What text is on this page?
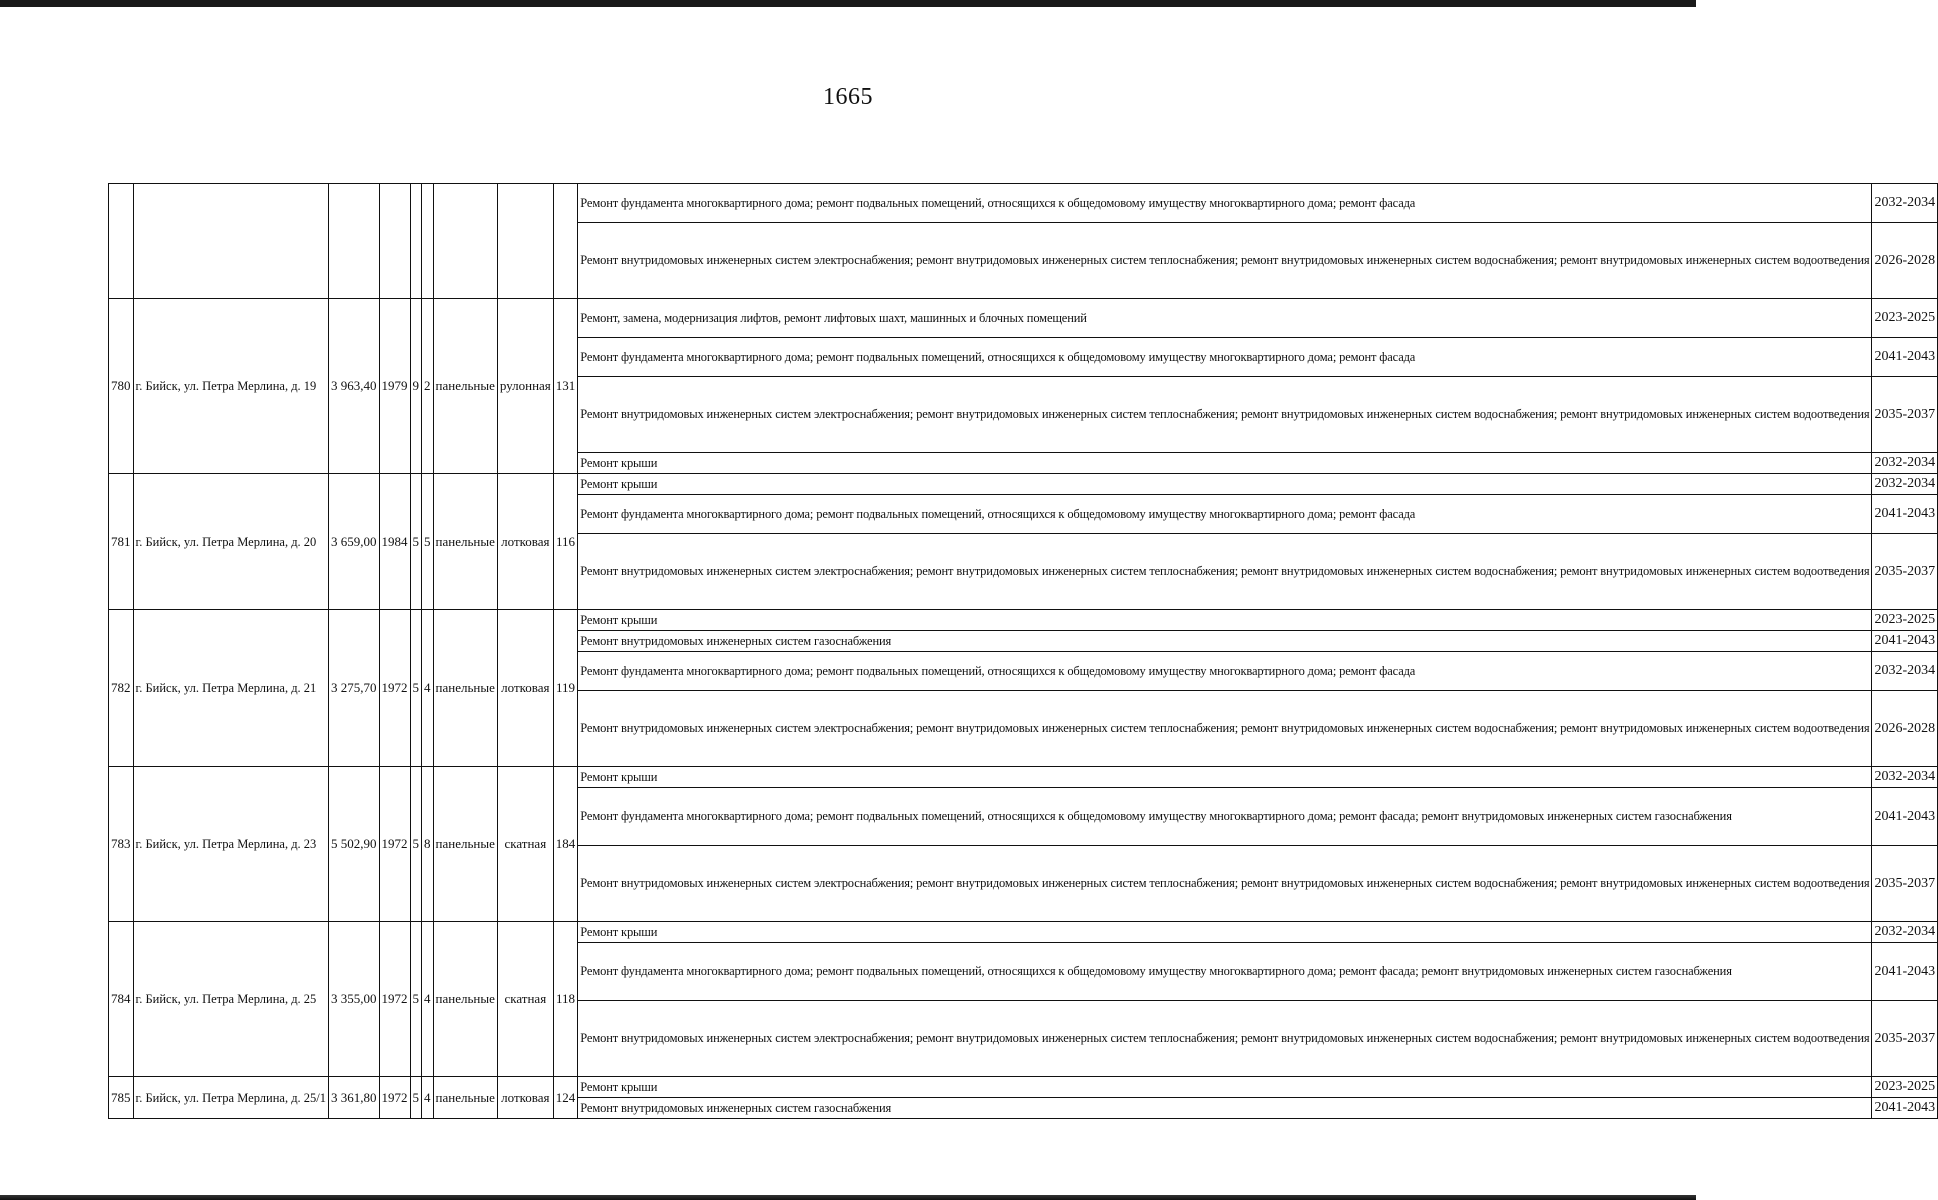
1665
									Ремонт фундамента многоквартирного дома; ремонт подвальных помещений, относящихся к общедомовому имуществу многоквартирного дома; ремонт фасада	2032-2034
									Ремонт внутридомовых инженерных систем электроснабжения; ремонт внутридомовых инженерных систем теплоснабжения; ремонт внутридомовых инженерных систем водоснабжения; ремонт внутридомовых инженерных систем водоотведения	2026-2028
780	г. Бийск, ул. Петра Мерлина, д. 19	3 963,40	1979	9	2	панельные	рулонная	131	Ремонт, замена, модернизация лифтов, ремонт лифтовых шахт, машинных и блочных помещений	2023-2025
									Ремонт фундамента многоквартирного дома; ремонт подвальных помещений, относящихся к общедомовому имуществу многоквартирного дома; ремонт фасада	2041-2043
									Ремонт внутридомовых инженерных систем электроснабжения; ремонт внутридомовых инженерных систем теплоснабжения; ремонт внутридомовых инженерных систем водоснабжения; ремонт внутридомовых инженерных систем водоотведения	2035-2037
									Ремонт крыши	2032-2034
781	г. Бийск, ул. Петра Мерлина, д. 20	3 659,00	1984	5	5	панельные	лотковая	116	Ремонт крыши	2032-2034
									Ремонт фундамента многоквартирного дома; ремонт подвальных помещений, относящихся к общедомовому имуществу многоквартирного дома; ремонт фасада	2041-2043
									Ремонт внутридомовых инженерных систем электроснабжения; ремонт внутридомовых инженерных систем теплоснабжения; ремонт внутридомовых инженерных систем водоснабжения; ремонт внутридомовых инженерных систем водоотведения	2035-2037
782	г. Бийск, ул. Петра Мерлина, д. 21	3 275,70	1972	5	4	панельные	лотковая	119	Ремонт крыши	2023-2025
									Ремонт внутридомовых инженерных систем газоснабжения	2041-2043
									Ремонт фундамента многоквартирного дома; ремонт подвальных помещений, относящихся к общедомовому имуществу многоквартирного дома; ремонт фасада	2032-2034
									Ремонт внутридомовых инженерных систем электроснабжения; ремонт внутридомовых инженерных систем теплоснабжения; ремонт внутридомовых инженерных систем водоснабжения; ремонт внутридомовых инженерных систем водоотведения	2026-2028
783	г. Бийск, ул. Петра Мерлина, д. 23	5 502,90	1972	5	8	панельные	скатная	184	Ремонт крыши	2032-2034
									Ремонт фундамента многоквартирного дома; ремонт подвальных помещений, относящихся к общедомовому имуществу многоквартирного дома; ремонт фасада; ремонт внутридомовых инженерных систем газоснабжения	2041-2043
									Ремонт внутридомовых инженерных систем электроснабжения; ремонт внутридомовых инженерных систем теплоснабжения; ремонт внутридомовых инженерных систем водоснабжения; ремонт внутридомовых инженерных систем водоотведения	2035-2037
784	г. Бийск, ул. Петра Мерлина, д. 25	3 355,00	1972	5	4	панельные	скатная	118	Ремонт крыши	2032-2034
									Ремонт фундамента многоквартирного дома; ремонт подвальных помещений, относящихся к общедомовому имуществу многоквартирного дома; ремонт фасада; ремонт внутридомовых инженерных систем газоснабжения	2041-2043
									Ремонт внутридомовых инженерных систем электроснабжения; ремонт внутридомовых инженерных систем теплоснабжения; ремонт внутридомовых инженерных систем водоснабжения; ремонт внутридомовых инженерных систем водоотведения	2035-2037
785	г. Бийск, ул. Петра Мерлина, д. 25/1	3 361,80	1972	5	4	панельные	лотковая	124	Ремонт крыши	2023-2025
									Ремонт внутридомовых инженерных систем газоснабжения	2041-2043
